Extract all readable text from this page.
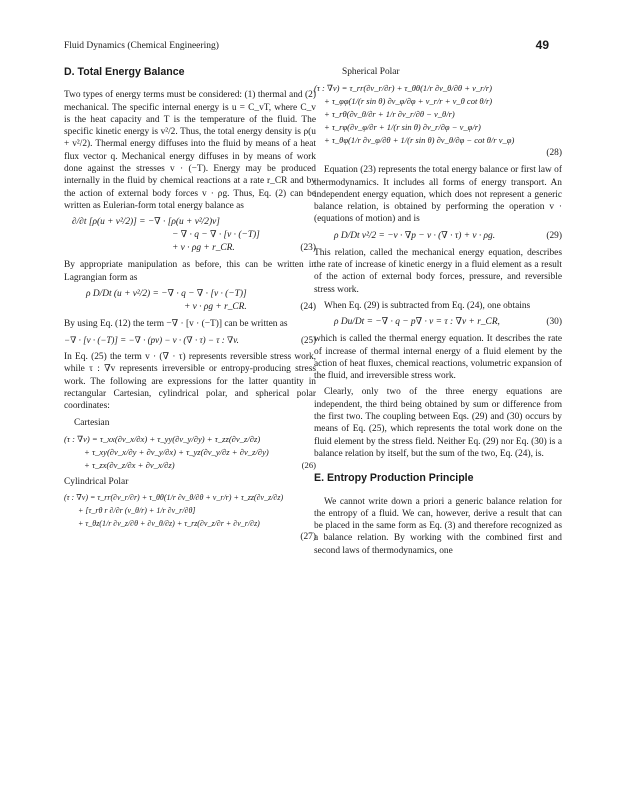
Fluid Dynamics (Chemical Engineering)	49
D. Total Energy Balance

Two types of energy terms must be considered: (1) thermal and (2) mechanical. The specific internal energy is u = C_vT, where C_v is the heat capacity and T is the temperature of the fluid. The specific kinetic energy is v²/2. Thus, the total energy density is ρ(u + v²/2). Thermal energy diffuses into the fluid by means of a heat flux vector q. Mechanical energy diffuses in by means of work done against the stresses v · (−T). Energy may be produced internally in the fluid by chemical reactions at a rate r_CR and by the action of external body forces v · ρg. Thus, Eq. (2) can be written as Eulerian-form total energy balance as

∂/∂t [ρ(u + v²/2)] = −∇ · [ρ(u + v²/2)v]
− ∇ · q − ∇ · [v · (−T)]
+ v · ρg + r_CR.	(23)

By appropriate manipulation as before, this can be written in Lagrangian form as

ρ D/Dt (u + v²/2) = −∇ · q − ∇ · [v · (−T)]
+ v · ρg + r_CR.	(24)

By using Eq. (12) the term −∇ · [v · (−T)] can be written as

−∇ · [v · (−T)] = −∇ · (pv) − v · (∇ · τ) − τ : ∇v.	(25)

In Eq. (25) the term v · (∇ · τ) represents reversible stress work, while τ : ∇v represents irreversible or entropy-producing stress work. The following are expressions for the latter quantity in rectangular Cartesian, cylindrical polar, and spherical polar coordinates:

Cartesian
(τ : ∇v) = τ_xx(∂v_x/∂x) + τ_yy(∂v_y/∂y) + τ_zz(∂v_z/∂z)
+ τ_xy(∂v_x/∂y + ∂v_y/∂x) + τ_yz(∂v_y/∂z + ∂v_z/∂y)
+ τ_zx(∂v_z/∂x + ∂v_x/∂z)	(26)
Cylindrical Polar
(τ : ∇v) = τ_rr(∂v_r/∂r) + τ_θθ(1/r ∂v_θ/∂θ + v_r/r) + τ_zz(∂v_z/∂z)
+ [τ_rθ r ∂/∂r (v_θ/r) + 1/r ∂v_r/∂θ]
+ τ_θz(1/r ∂v_z/∂θ + ∂v_θ/∂z) + τ_rz(∂v_z/∂r + ∂v_r/∂z)
(27)
Spherical Polar
(τ : ∇v) = τ_rr(∂v_r/∂r) + τ_θθ(1/r ∂v_θ/∂θ + v_r/r)
+ τ_φφ(1/(r sin θ) ∂v_φ/∂φ + v_r/r + v_θ cot θ/r)
+ τ_rθ(∂v_θ/∂r + 1/r ∂v_r/∂θ − v_θ/r)
+ τ_rφ(∂v_φ/∂r + 1/(r sin θ) ∂v_r/∂φ − v_φ/r)
+ τ_θφ(1/r ∂v_φ/∂θ + 1/(r sin θ) ∂v_θ/∂φ − cot θ/r v_φ)
(28)

Equation (23) represents the total energy balance or first law of thermodynamics. It includes all forms of energy transport. An independent energy equation, which does not represent a generic balance relation, is obtained by performing the operation v · (equations of motion) and is

ρ D/Dt v²/2 = −v · ∇p − v · (∇ · τ) + v · ρg.	(29)

This relation, called the mechanical energy equation, describes the rate of increase of kinetic energy in a fluid element as a result of the action of external body forces, pressure, and reversible stress work.

When Eq. (29) is subtracted from Eq. (24), one obtains

ρ Du/Dt = −∇ · q − p∇ · v = τ : ∇v + r_CR,	(30)

which is called the thermal energy equation. It describes the rate of increase of thermal internal energy of a fluid element by the action of heat fluxes, chemical reactions, volumetric expansion of the fluid, and irreversible stress work.

Clearly, only two of the three energy equations are independent, the third being obtained by sum or difference from the first two. The coupling between Eqs. (29) and (30) occurs by means of Eq. (25), which represents the total work done on the fluid element by the stress field. Neither Eq. (29) nor Eq. (30) is a balance relation by itself, but the sum of the two, Eq. (24), is.

E. Entropy Production Principle

We cannot write down a priori a generic balance relation for the entropy of a fluid. We can, however, derive a result that can be placed in the same form as Eq. (3) and therefore recognized as a balance relation. By working with the combined first and second laws of thermodynamics, one
